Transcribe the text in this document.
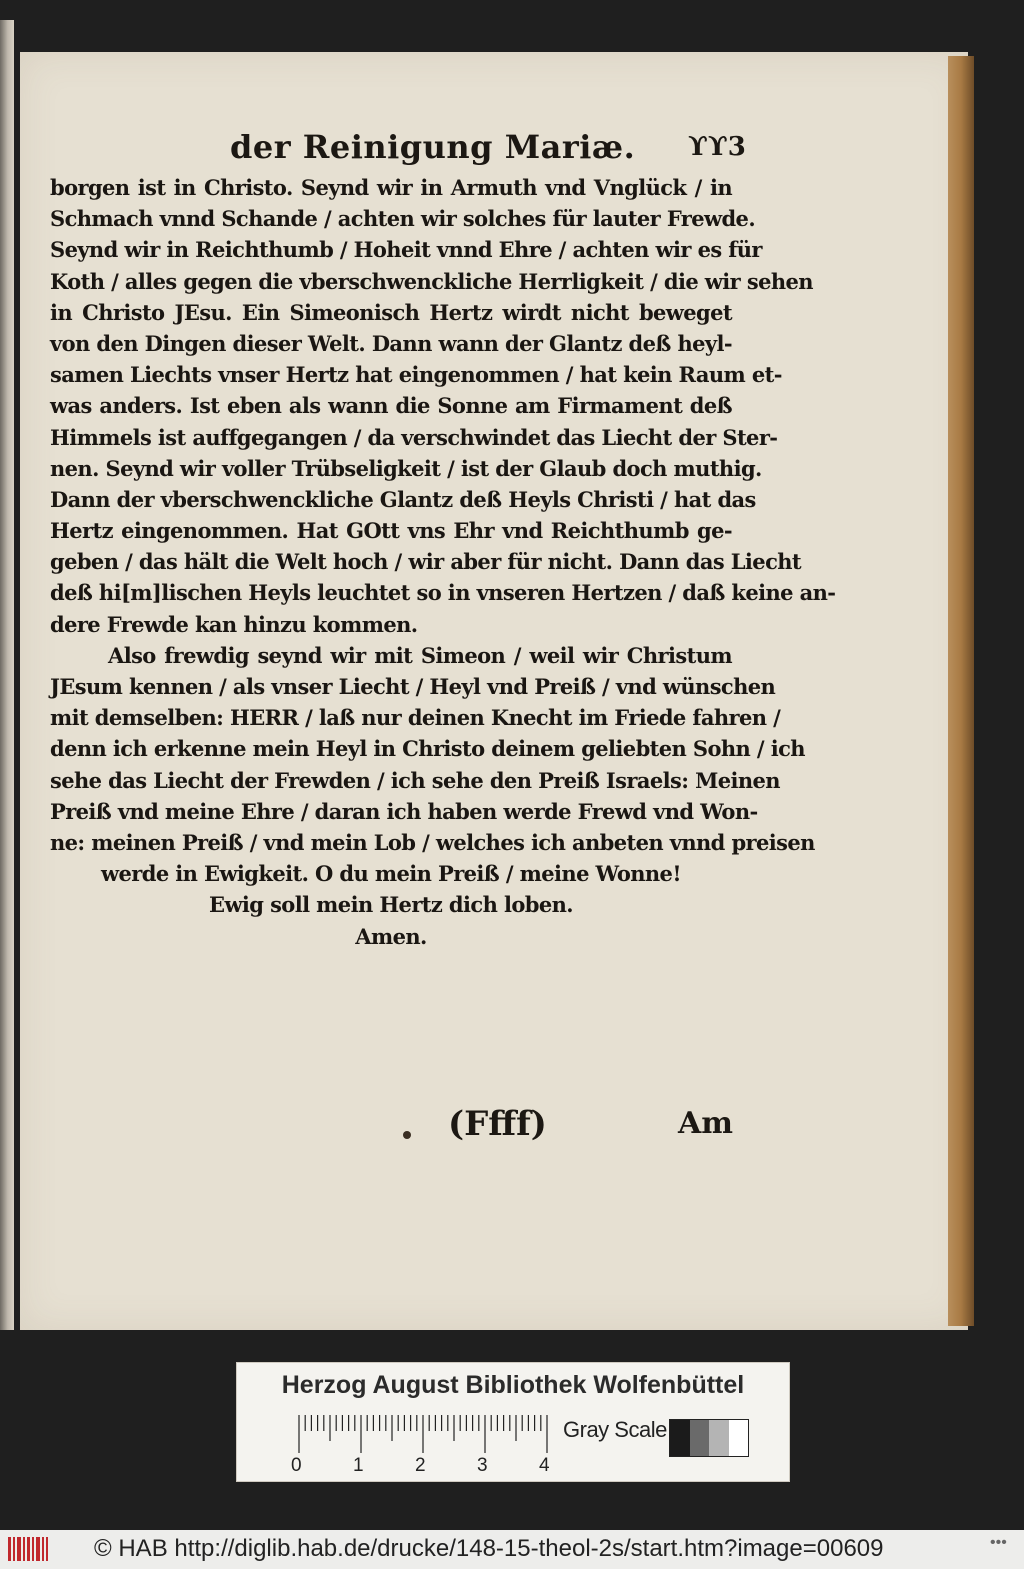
der Reinigung Mariæ. ϒϒ3
borgen ist in Christo. Seynd wir in Armuth vnd Vnglück / in
Schmach vnnd Schande / achten wir solches für lauter Frewde.
Seynd wir in Reichthumb / Hoheit vnnd Ehre / achten wir es für
Koth / alles gegen die vberschwenckliche Herrligkeit / die wir sehen
in Christo JEsu. Ein Simeonisch Hertz wirdt nicht beweget
von den Dingen dieser Welt. Dann wann der Glantz deß heyl-
samen Liechts vnser Hertz hat eingenommen / hat kein Raum et-
was anders. Ist eben als wann die Sonne am Firmament deß
Himmels ist auffgegangen / da verschwindet das Liecht der Ster-
nen. Seynd wir voller Trübseligkeit / ist der Glaub doch muthig.
Dann der vberschwenckliche Glantz deß Heyls Christi / hat das
Hertz eingenommen. Hat GOtt vns Ehr vnd Reichthumb ge-
geben / das hält die Welt hoch / wir aber für nicht. Dann das Liecht
deß hi[m]lischen Heyls leuchtet so in vnseren Hertzen / daß keine an-
dere Frewde kan hinzu kommen.
Also frewdig seynd wir mit Simeon / weil wir Christum
JEsum kennen / als vnser Liecht / Heyl vnd Preiß / vnd wünschen
mit demselben: HERR / laß nur deinen Knecht im Friede fahren /
denn ich erkenne mein Heyl in Christo deinem geliebten Sohn / ich
sehe das Liecht der Frewden / ich sehe den Preiß Israels: Meinen
Preiß vnd meine Ehre / daran ich haben werde Frewd vnd Won-
ne: meinen Preiß / vnd mein Lob / welches ich anbeten vnnd preisen
werde in Ewigkeit. O du mein Preiß / meine Wonne!
Ewig soll mein Hertz dich loben.
Amen.
(Ffff)	Am
Herzog August Bibliothek Wolfenbüttel
0	1	2	3	4
Gray Scale
© HAB http://diglib.hab.de/drucke/148-15-theol-2s/start.htm?image=00609	•••
